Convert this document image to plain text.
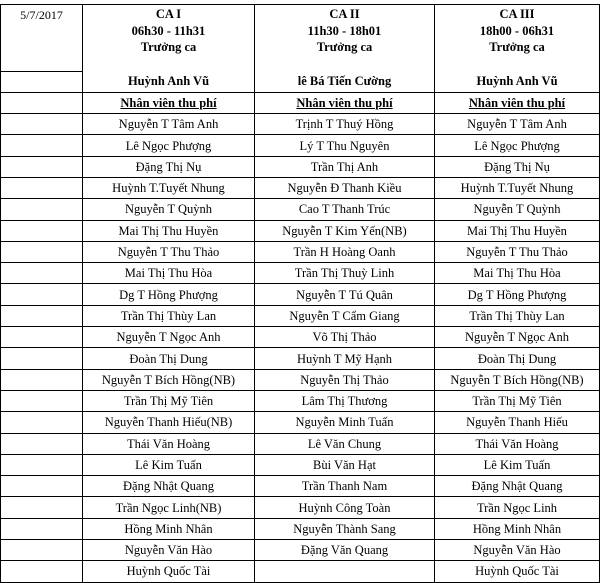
5/7/2017	CA I	CA II	CA III
	06h30 - 11h31	11h30 - 18h01	18h00 - 06h31
	Trưởng ca	Trưởng ca	Trưởng ca

	Huỳnh Anh Vũ	lê Bá Tiến Cường	Huỳnh Anh Vũ
	Nhân viên thu phí	Nhân viên thu phí	Nhân viên thu phí
	Nguyễn T Tâm Anh	Trịnh T Thuý Hồng	Nguyễn T Tâm Anh
	Lê Ngọc Phượng	Lý T Thu Nguyên	Lê Ngọc Phượng
	Đặng Thị Nụ	Trần Thị Anh	Đặng Thị Nụ
	Huỳnh T.Tuyết Nhung	Nguyễn Đ Thanh Kiều	Huỳnh T.Tuyết Nhung
	Nguyễn T Quỳnh	Cao T Thanh Trúc	Nguyễn T Quỳnh
	Mai Thị Thu Huyền	Nguyễn T Kim Yến(NB)	Mai Thị Thu Huyền
	Nguyễn T Thu Thảo	Trần H Hoàng Oanh	Nguyễn T Thu Thảo
	Mai Thị Thu Hòa	Trần Thị Thuỳ Linh	Mai Thị Thu Hòa
	Dg T Hồng Phượng	Nguyễn T Tú Quân	Dg T Hồng Phượng
	Trần Thị Thùy Lan	Nguyễn T Cẩm Giang	Trần Thị Thùy Lan
	Nguyễn T Ngọc Anh	Võ Thị Thảo	Nguyễn T Ngọc Anh
	Đoàn Thị Dung	Huỳnh T Mỹ Hạnh	Đoàn Thị Dung
	Nguyễn T Bích Hồng(NB)	Nguyễn Thị Thảo	Nguyễn T Bích Hồng(NB)
	Trần Thị Mỹ Tiên	Lâm Thị Thương	Trần Thị Mỹ Tiên
	Nguyễn Thanh Hiếu(NB)	Nguyễn Minh Tuấn	Nguyễn Thanh Hiếu
	Thái Văn Hoàng	Lê Văn Chung	Thái Văn Hoàng
	Lê Kim Tuấn	Bùi Văn Hạt	Lê Kim Tuấn
	Đặng Nhật Quang	Trần Thanh Nam	Đặng Nhật Quang
	Trần Ngọc Linh(NB)	Huỳnh Công Toàn	Trần Ngọc Linh
	Hồng Minh Nhân	Nguyễn Thành Sang	Hồng Minh Nhân
	Nguyễn Văn Hào	Đặng Văn Quang	Nguyễn Văn Hào
	Huỳnh Quốc Tài		Huỳnh Quốc Tài
